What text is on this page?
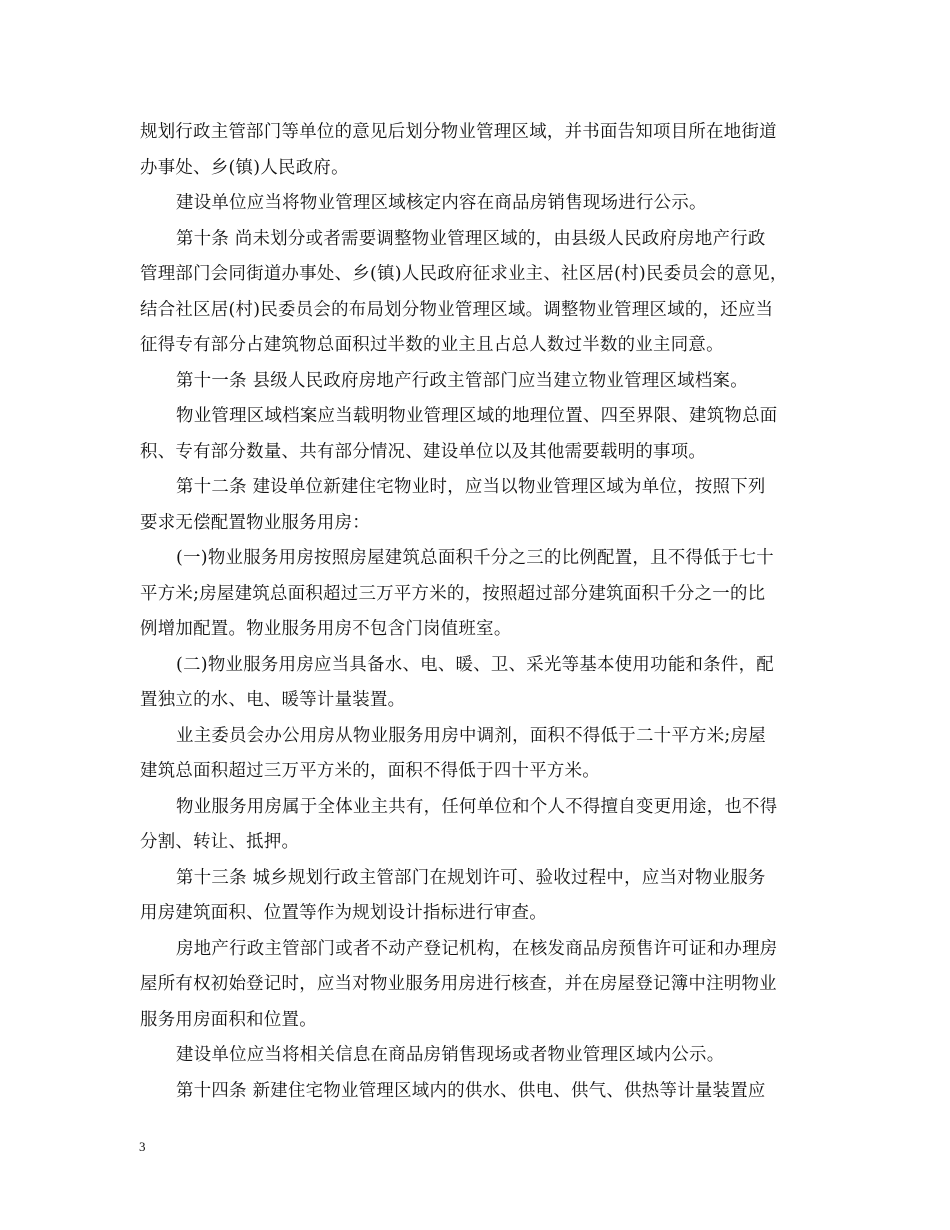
规划行政主管部门等单位的意见后划分物业管理区域，并书面告知项目所在地街道
办事处、乡(镇)人民政府。
建设单位应当将物业管理区域核定内容在商品房销售现场进行公示。
第十条 尚未划分或者需要调整物业管理区域的，由县级人民政府房地产行政
管理部门会同街道办事处、乡(镇)人民政府征求业主、社区居(村)民委员会的意见，
结合社区居(村)民委员会的布局划分物业管理区域。调整物业管理区域的，还应当
征得专有部分占建筑物总面积过半数的业主且占总人数过半数的业主同意。
第十一条 县级人民政府房地产行政主管部门应当建立物业管理区域档案。
物业管理区域档案应当载明物业管理区域的地理位置、四至界限、建筑物总面
积、专有部分数量、共有部分情况、建设单位以及其他需要载明的事项。
第十二条 建设单位新建住宅物业时，应当以物业管理区域为单位，按照下列
要求无偿配置物业服务用房：
(一)物业服务用房按照房屋建筑总面积千分之三的比例配置，且不得低于七十
平方米;房屋建筑总面积超过三万平方米的，按照超过部分建筑面积千分之一的比
例增加配置。物业服务用房不包含门岗值班室。
(二)物业服务用房应当具备水、电、暖、卫、采光等基本使用功能和条件，配
置独立的水、电、暖等计量装置。
业主委员会办公用房从物业服务用房中调剂，面积不得低于二十平方米;房屋
建筑总面积超过三万平方米的，面积不得低于四十平方米。
物业服务用房属于全体业主共有，任何单位和个人不得擅自变更用途，也不得
分割、转让、抵押。
第十三条 城乡规划行政主管部门在规划许可、验收过程中，应当对物业服务
用房建筑面积、位置等作为规划设计指标进行审查。
房地产行政主管部门或者不动产登记机构，在核发商品房预售许可证和办理房
屋所有权初始登记时，应当对物业服务用房进行核查，并在房屋登记簿中注明物业
服务用房面积和位置。
建设单位应当将相关信息在商品房销售现场或者物业管理区域内公示。
第十四条 新建住宅物业管理区域内的供水、供电、供气、供热等计量装置应
3
